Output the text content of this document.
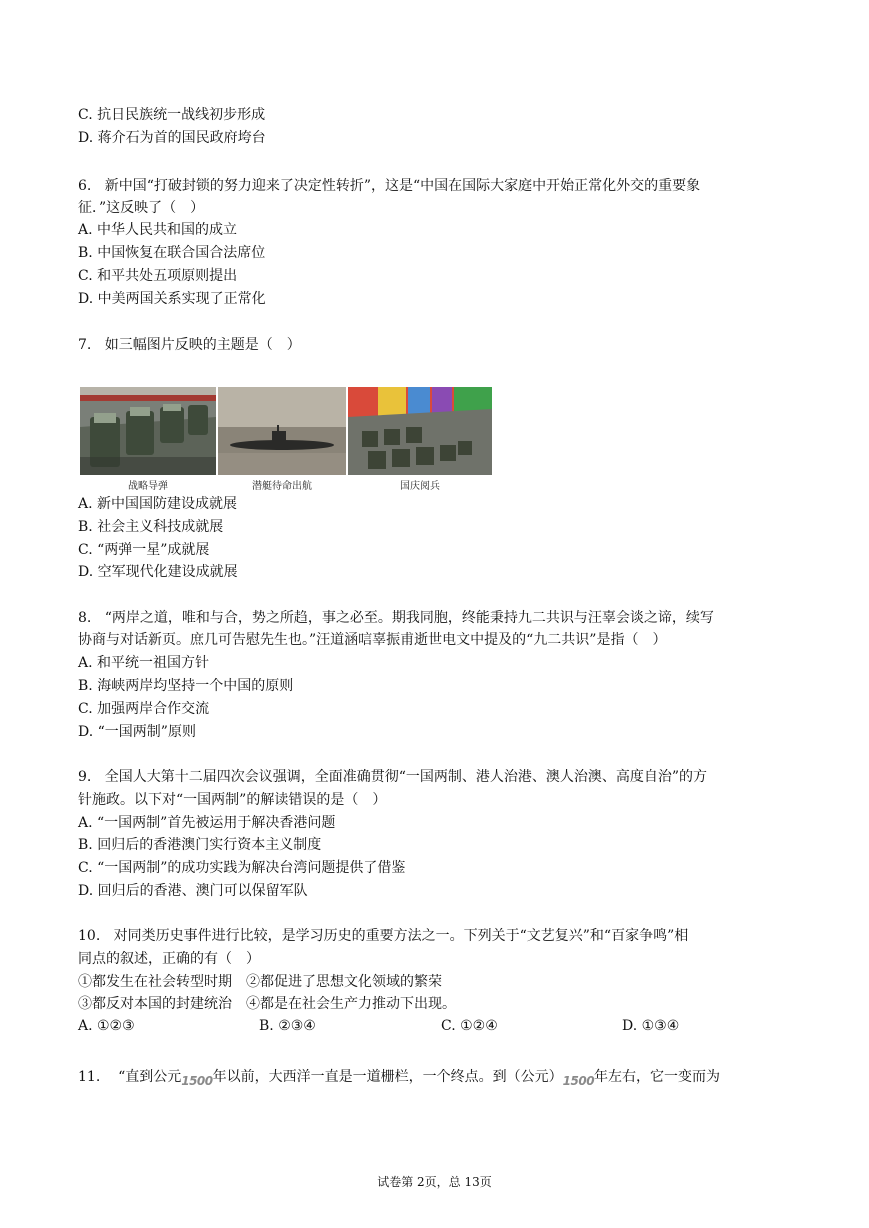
C. 抗日民族统一战线初步形成
D. 蒋介石为首的国民政府垮台
6.   新中国“打破封锁的努力迎来了决定性转折”，这是“中国在国际大家庭中开始正常化外交的重要象
征．”这反映了（　）
A. 中华人民共和国的成立
B. 中国恢复在联合国合法席位
C. 和平共处五项原则提出
D. 中美两国关系实现了正常化
7.   如三幅图片反映的主题是（　）
战略导弹	潜艇待命出航	国庆阅兵
A. 新中国国防建设成就展
B. 社会主义科技成就展
C. “两弹一星”成就展
D. 空军现代化建设成就展
8.   “两岸之道，唯和与合，势之所趋，事之必至。期我同胞，终能秉持九二共识与汪辜会谈之谛，续写
协商与对话新页。庶几可告慰先生也。”汪道涵唁辜振甫逝世电文中提及的“九二共识”是指（　）
A. 和平统一祖国方针
B. 海峡两岸均坚持一个中国的原则
C. 加强两岸合作交流
D. “一国两制”原则
9.   全国人大第十二届四次会议强调，全面准确贯彻“一国两制、港人治港、澳人治澳、高度自治”的方
针施政。以下对“一国两制”的解读错误的是（　）
A. “一国两制”首先被运用于解决香港问题
B. 回归后的香港澳门实行资本主义制度
C. “一国两制”的成功实践为解决台湾问题提供了借鉴
D. 回归后的香港、澳门可以保留军队
10.   对同类历史事件进行比较，是学习历史的重要方法之一。下列关于“文艺复兴”和“百家争鸣”相
同点的叙述，正确的有（　）
①都发生在社会转型时期　②都促进了思想文化领域的繁荣
③都反对本国的封建统治　④都是在社会生产力推动下出现。
A. ①②③	B. ②③④	C. ①②④	D. ①③④
11.    “直到公元1500年以前，大西洋一直是一道栅栏，一个终点。到（公元）1500年左右，它一变而为
试卷第 2页，总 13页
